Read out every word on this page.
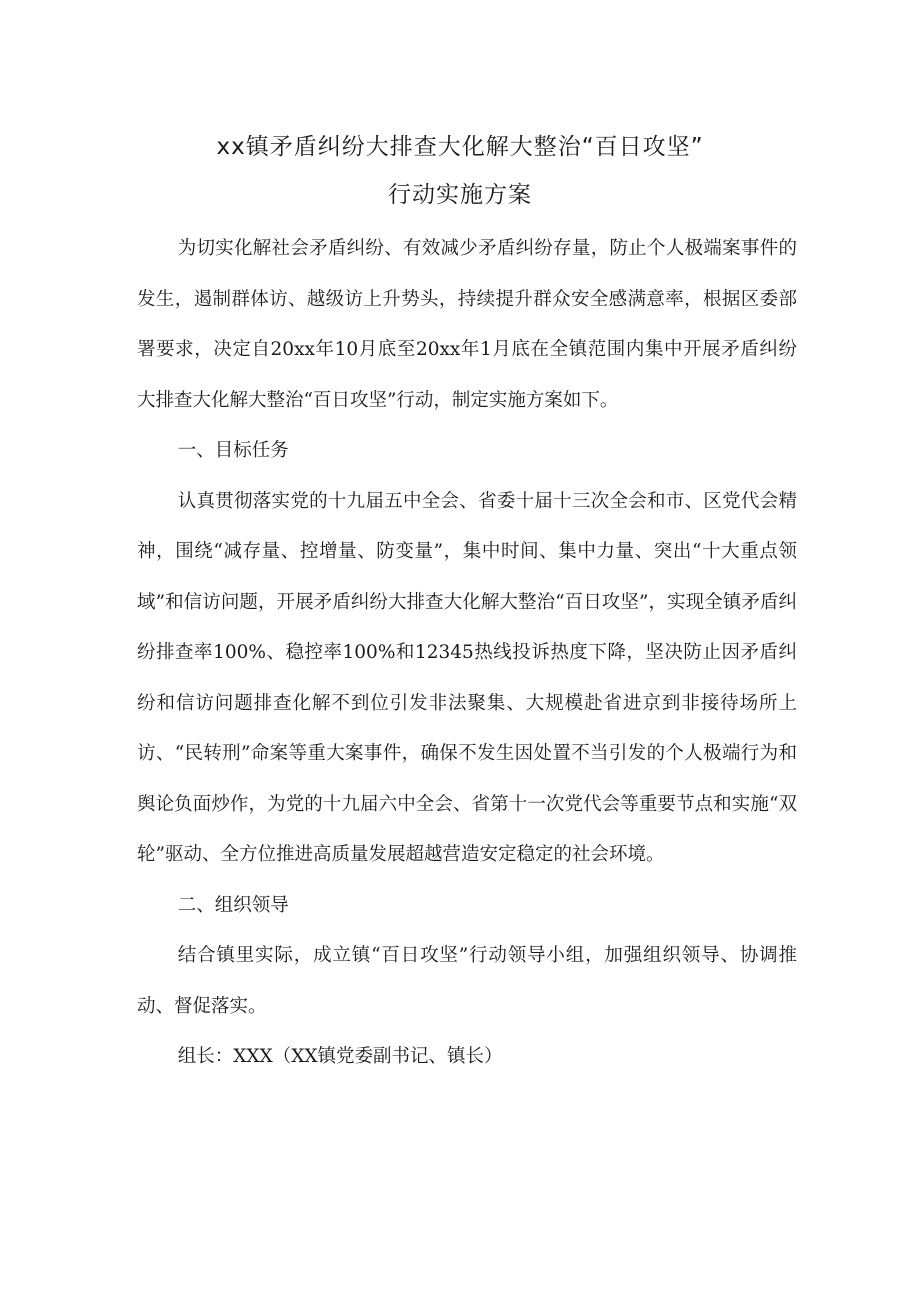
xx镇矛盾纠纷大排查大化解大整治“百日攻坚”
行动实施方案

为切实化解社会矛盾纠纷、有效减少矛盾纠纷存量，防止个人极端案事件的发生，遏制群体访、越级访上升势头，持续提升群众安全感满意率，根据区委部署要求，决定自20xx年10月底至20xx年1月底在全镇范围内集中开展矛盾纠纷大排查大化解大整治“百日攻坚”行动，制定实施方案如下。

一、目标任务

认真贯彻落实党的十九届五中全会、省委十届十三次全会和市、区党代会精神，围绕“减存量、控增量、防变量”，集中时间、集中力量、突出“十大重点领域”和信访问题，开展矛盾纠纷大排查大化解大整治“百日攻坚”，实现全镇矛盾纠纷排查率100%、稳控率100%和12345热线投诉热度下降，坚决防止因矛盾纠纷和信访问题排查化解不到位引发非法聚集、大规模赴省进京到非接待场所上访、“民转刑”命案等重大案事件，确保不发生因处置不当引发的个人极端行为和舆论负面炒作，为党的十九届六中全会、省第十一次党代会等重要节点和实施“双轮”驱动、全方位推进高质量发展超越营造安定稳定的社会环境。

二、组织领导

结合镇里实际，成立镇“百日攻坚”行动领导小组，加强组织领导、协调推动、督促落实。

组长：XXX（XX镇党委副书记、镇长）
